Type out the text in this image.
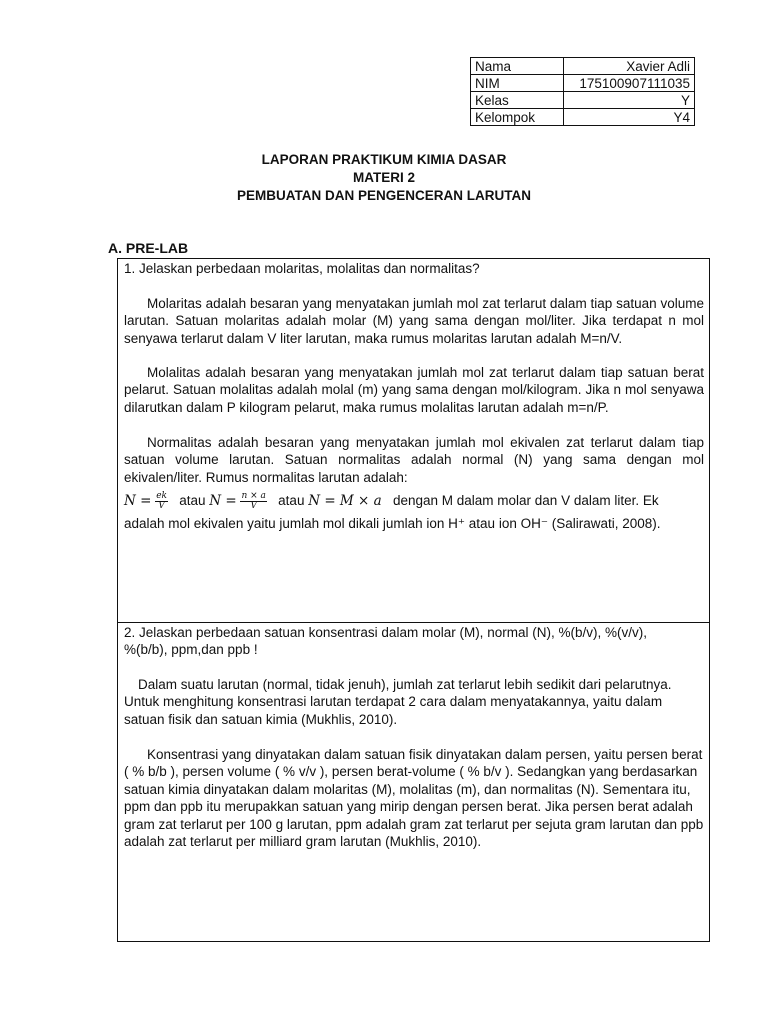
Nama	Xavier Adli
NIM	175100907111035
Kelas	Y
Kelompok	Y4
LAPORAN PRAKTIKUM KIMIA DASAR
MATERI 2
PEMBUATAN DAN PENGENCERAN LARUTAN
A. PRE-LAB
1. Jelaskan perbedaan molaritas, molalitas dan normalitas?
Molaritas adalah besaran yang menyatakan jumlah mol zat terlarut dalam tiap satuan volume larutan. Satuan molaritas adalah molar (M) yang sama dengan mol/liter. Jika terdapat n mol senyawa terlarut dalam V liter larutan, maka rumus molaritas larutan adalah M=n/V.
Molalitas adalah besaran yang menyatakan jumlah mol zat terlarut dalam tiap satuan berat pelarut. Satuan molalitas adalah molal (m) yang sama dengan mol/kilogram. Jika n mol senyawa dilarutkan dalam P kilogram pelarut, maka rumus molalitas larutan adalah m=n/P.
Normalitas adalah besaran yang menyatakan jumlah mol ekivalen zat terlarut dalam tiap satuan volume larutan. Satuan normalitas adalah normal (N) yang sama dengan mol ekivalen/liter. Rumus normalitas larutan adalah:
$N = \frac{ek}{V}$ atau $N = \frac{n \times a}{V}$ atau N = M × a dengan M dalam molar dan V dalam liter. Ek
adalah mol ekivalen yaitu jumlah mol dikali jumlah ion H⁺ atau ion OH⁻ (Salirawati, 2008).
2. Jelaskan perbedaan satuan konsentrasi dalam molar (M), normal (N), %(b/v), %(v/v),
%(b/b), ppm,dan ppb !
Dalam suatu larutan (normal, tidak jenuh), jumlah zat terlarut lebih sedikit dari pelarutnya. Untuk menghitung konsentrasi larutan terdapat 2 cara dalam menyatakannya, yaitu dalam satuan fisik dan satuan kimia (Mukhlis, 2010).
Konsentrasi yang dinyatakan dalam satuan fisik dinyatakan dalam persen, yaitu persen berat ( % b/b ), persen volume ( % v/v ), persen berat-volume ( % b/v ). Sedangkan yang berdasarkan satuan kimia dinyatakan dalam molaritas (M), molalitas (m), dan normalitas (N). Sementara itu, ppm dan ppb itu merupakkan satuan yang mirip dengan persen berat. Jika persen berat adalah gram zat terlarut per 100 g larutan, ppm adalah gram zat terlarut per sejuta gram larutan dan ppb adalah zat terlarut per milliard gram larutan (Mukhlis, 2010).
